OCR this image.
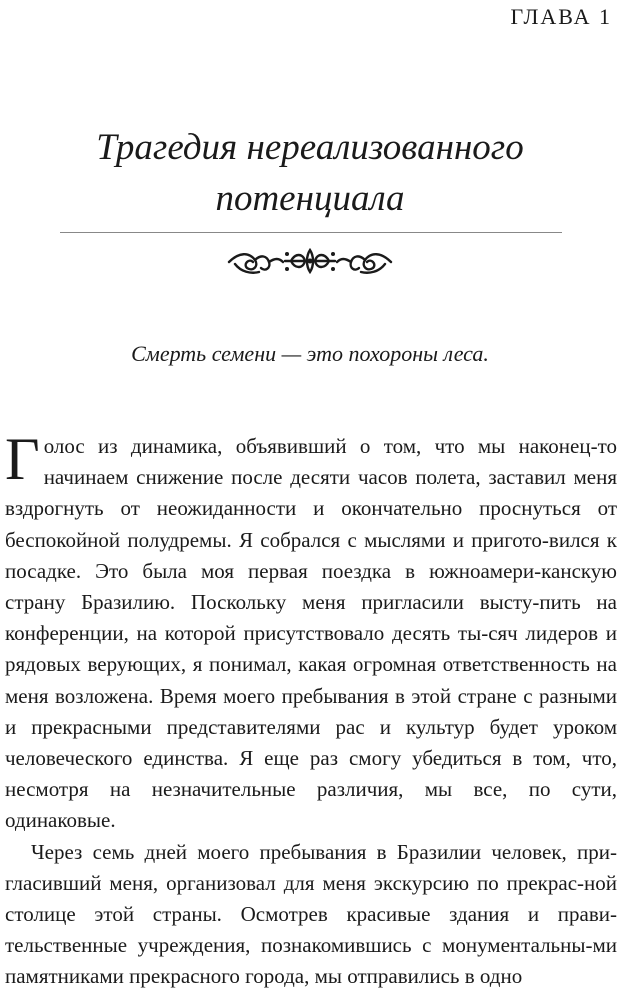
ГЛАВА 1
Трагедия нереализованного
потенциала
Смерть семени — это похороны леса.

Голос из динамика, объявивший о том, что мы наконец-то начинаем снижение после десяти часов полета, заставил меня вздрогнуть от неожиданности и окончательно проснуться от беспокойной полудремы. Я собрался с мыслями и пригото-вился к посадке. Это была моя первая поездка в южноамери-канскую страну Бразилию. Поскольку меня пригласили высту-пить на конференции, на которой присутствовало десять ты-сяч лидеров и рядовых верующих, я понимал, какая огромная ответственность на меня возложена. Время моего пребывания в этой стране с разными и прекрасными представителями рас и культур будет уроком человеческого единства. Я еще раз смогу убедиться в том, что, несмотря на незначительные различия, мы все, по сути, одинаковые.

Через семь дней моего пребывания в Бразилии человек, при-гласивший меня, организовал для меня экскурсию по прекрас-ной столице этой страны. Осмотрев красивые здания и прави-тельственные учреждения, познакомившись с монументальны-ми памятниками прекрасного города, мы отправились в одно
